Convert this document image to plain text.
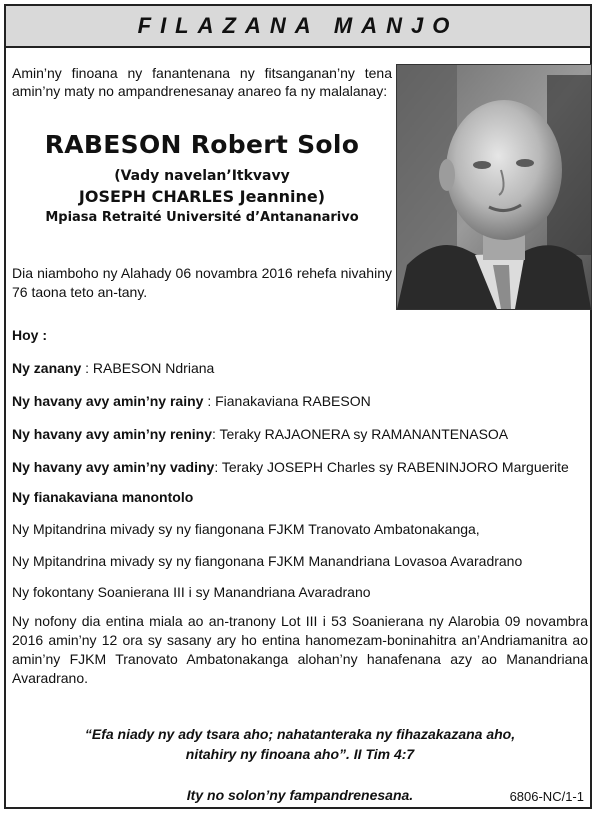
FILAZANA MANJO
Amin’ny finoana ny fanantenana ny fitsanganan’ny tena amin’ny maty no ampandrenesanay anareo fa ny malalanay:
RABESON Robert Solo
(Vady navelan’Itkvavy
JOSEPH CHARLES Jeannine)
Mpiasa Retraité Université d’Antananarivo
Dia niamboho ny Alahady 06 novambra 2016 rehefa nivahiny 76 taona teto an-tany.
Hoy :
Ny zanany : RABESON Ndriana
Ny havany avy amin’ny rainy : Fianakaviana RABESON
Ny havany avy amin’ny reniny: Teraky RAJAONERA sy RAMANANTENASOA
Ny havany avy amin’ny vadiny: Teraky JOSEPH Charles sy RABENINJORO Marguerite
Ny fianakaviana manontolo
Ny Mpitandrina mivady sy ny fiangonana FJKM Tranovato Ambatonakanga,
Ny Mpitandrina mivady sy ny fiangonana FJKM Manandriana Lovasoa Avaradrano
Ny fokontany Soanierana III i sy Manandriana Avaradrano
Ny nofony dia entina miala ao an-tranony Lot III i 53 Soanierana ny Alarobia 09 novambra 2016 amin’ny 12 ora sy sasany ary ho entina hanomezam-boninahitra an’Andriamanitra ao amin’ny FJKM Tranovato Ambatonakanga alohan’ny hanafenana azy ao Manandriana Avaradrano.
“Efa niady ny ady tsara aho; nahatanteraka ny fihazakazana aho,
nitahiry ny finoana aho”. II Tim 4:7
Ity no solon’ny fampandrenesana.	6806-NC/1-1
